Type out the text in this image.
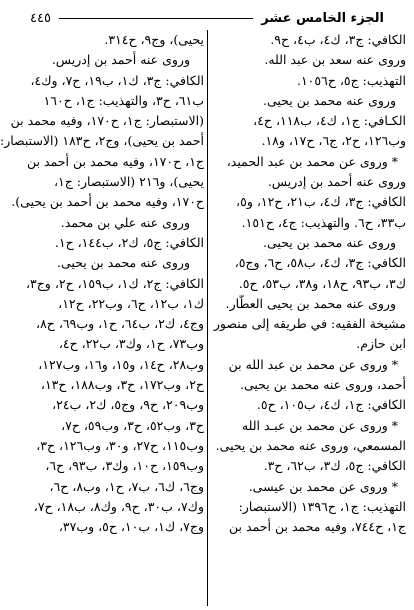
الجزء الخامس عشر
٤٤٥
الكافي: ج٣، ك٤، ب٤، ح٩.
وروى عنه سعد بن عبد الله.
التهذيب: ج٥، ح١٠٥٦.
وروى عنه محمد بن يحيى.
الكـافي: ج١، ك٤، ب١١٨، ح٤،
وب١٢٦، ح٢، ج٦، ح١٧، و١٨.
* وروى عن محمد بن عبد الحميد،
وروى عنه أحمد بن إدريس.
الكافي: ج٣، ك٤، ب٢١، ح١٢، و٥،
ب٣٣، ح٦. والتهذيب: ج٤، ح١٥١.
وروى عنه محمد بن يحيى.
الكافي: ج٣، ك٤، ب٥٨، ح٦، وج٥،
ك٣، ب٩٣، ح١٨، و٣٨، ب٥٣، ح٥.
وروى عنه محمد بن يحيى العطّار.
مشيخة الفقيه: في طريقه إلى منصور
ابن حازم.
* وروى عن محمد بن عبد الله بن
أحمد، وروى عنه محمد بن يحيى.
الكافي: ج١، ك٤، ب١٠٥، ح٥.
* وروى عن محمد بن عبـد الله
المسمعي، وروى عنه محمد بن يحيى.
الكافي: ج٥، ك٣، ب٦٢، ح٣.
* وروى عن محمد بن عيسى.
التهذيب: ج١، ح١٣٩٦ (الاستبصار:
ج١، ح٧٤٤، وفيه محمد بن أحمد بن
يحيى)، وج٩، ح٣١٤.
وروى عنه أحمد بن إدريس.
الكافي: ج٣، ك١، ب١٩، ح٧، وك٤،
ب٦١، ح٣، والتهذيب: ج١، ح١٦٠
(الاستبصار: ج١، ح١٧٠، وفيه محمد بن
أحمد بن يحيى)، وج٢، ح١٨٣ (الاستبصار:
ج١، ح١٧٠، وفيه محمد بن أحمد بن
يحيى)، و٢١٦ (الاستبصار: ج١،
ح١٧٠، وفيه محمد بن أحمد بن يحيى).
وروى عنه علي بن محمد.
الكافي: ج٥، ك٢، ب١٤٤، ح١.
وروى عنه محمد بن يحيى.
الكافي: ج٢، ك١، ب١٥٩، ح٢، وج٣،
ك١، ب١٢، ح٦، وب٢٢، ح١٢،
وج٤، ك٢، ب٦٤، ح١، وب٦٩، ح٨،
وب٧٣، ح١، وك٣، ب٢٢، ح٤،
وب٢٨، ح١٤، و١٥، و١٦، وب١٢٧،
ح٢، وب١٧٢، ح٣، وب١٨٨، ح١٣،
وب٢٠٩، ح٩، وج٥، ك٢، ب٢٤،
ح٣، وب٥٢، ح٣، وب٥٩، ح٧،
وب١١٥، ح٢٧، و٣٠، وب١٢٦، ح٣،
وب١٥٩، ح١٠، وك٣، ب٩٣، ح٦،
وج٦، ك٦، ب٧، ح١، وب٨، ح٦،
وك٧، ب٣٠، ح٩، وك٨، ب١٨، ح٧،
وج٧، ك١، ب١٠، ح٥، وب٣٧،
